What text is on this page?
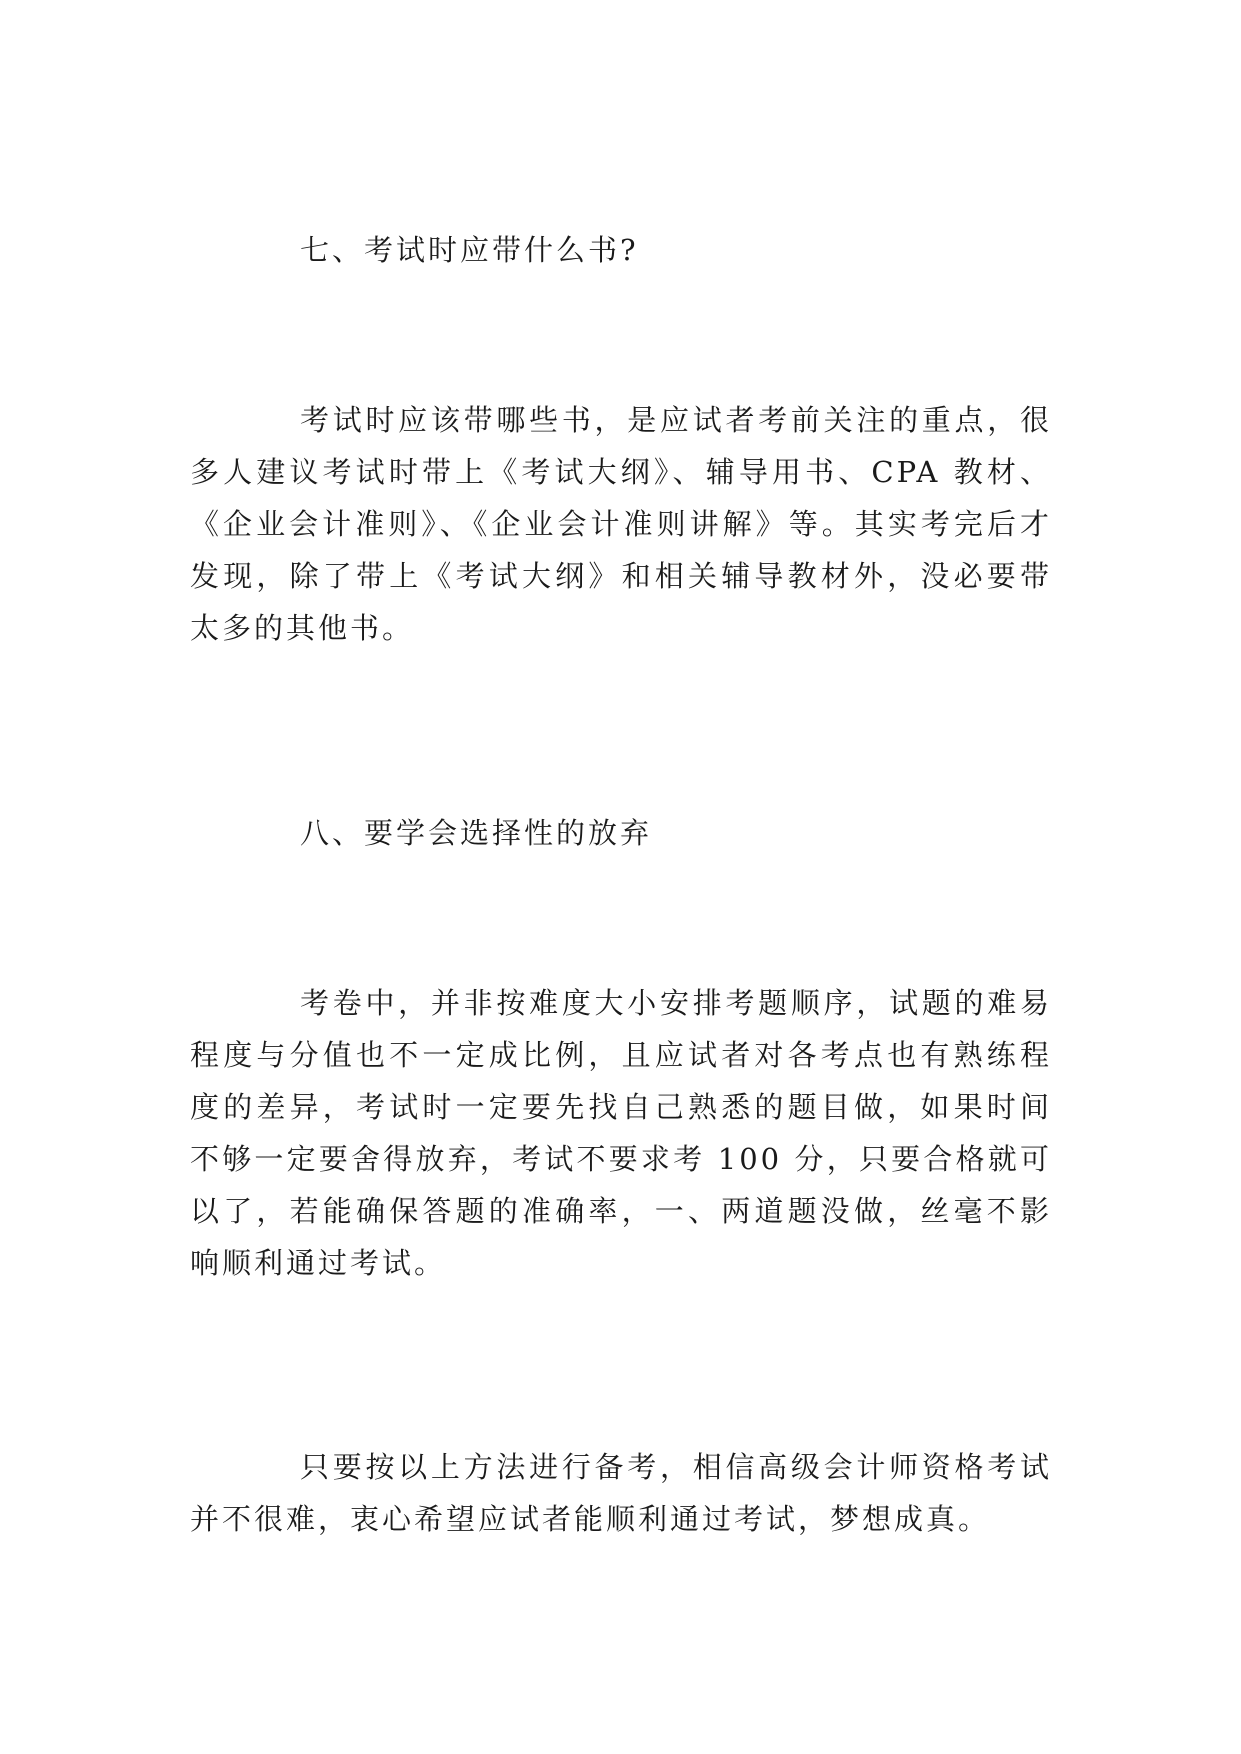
七、考试时应带什么书?

考试时应该带哪些书，是应试者考前关注的重点，很多人建议考试时带上《考试大纲》、辅导用书、CPA 教材、《企业会计准则》、《企业会计准则讲解》等。其实考完后才发现，除了带上《考试大纲》和相关辅导教材外，没必要带太多的其他书。

八、要学会选择性的放弃

考卷中，并非按难度大小安排考题顺序，试题的难易程度与分值也不一定成比例，且应试者对各考点也有熟练程度的差异，考试时一定要先找自己熟悉的题目做，如果时间不够一定要舍得放弃，考试不要求考 100 分，只要合格就可以了，若能确保答题的准确率，一、两道题没做，丝毫不影响顺利通过考试。

只要按以上方法进行备考，相信高级会计师资格考试并不很难，衷心希望应试者能顺利通过考试，梦想成真。
